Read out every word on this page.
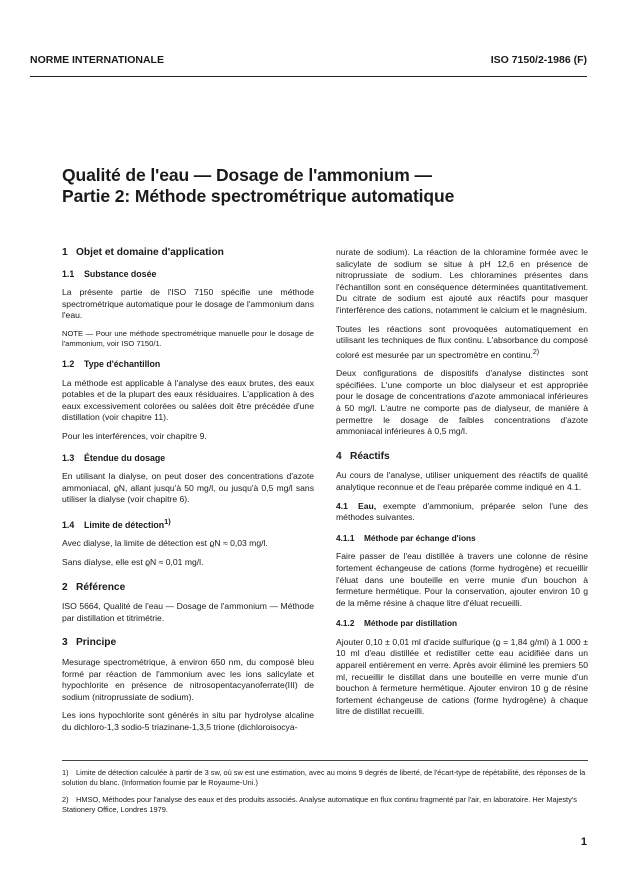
NORME INTERNATIONALE	ISO 7150/2-1986 (F)
Qualité de l'eau — Dosage de l'ammonium —
Partie 2: Méthode spectrométrique automatique
1 Objet et domaine d'application
1.1 Substance dosée

La présente partie de l'ISO 7150 spécifie une méthode spectrométrique automatique pour le dosage de l'ammonium dans l'eau.

NOTE — Pour une méthode spectrométrique manuelle pour le dosage de l'ammonium, voir ISO 7150/1.

1.2 Type d'échantillon

La méthode est applicable à l'analyse des eaux brutes, des eaux potables et de la plupart des eaux résiduaires. L'application à des eaux excessivement colorées ou salées doit être précédée d'une distillation (voir chapitre 11).

Pour les interférences, voir chapitre 9.

1.3 Étendue du dosage

En utilisant la dialyse, on peut doser des concentrations d'azote ammoniacal, ϱN, allant jusqu'à 50 mg/l, ou jusqu'à 0,5 mg/l sans utiliser la dialyse (voir chapitre 6).

1.4 Limite de détection$^{1)}$

Avec dialyse, la limite de détection est ϱN ≈ 0,03 mg/l.

Sans dialyse, elle est ϱN ≈ 0,01 mg/l.

2 Référence

ISO 5664, Qualité de l'eau — Dosage de l'ammonium — Méthode par distillation et titrimétrie.

3 Principe

Mesurage spectrométrique, à environ 650 nm, du composé bleu formé par réaction de l'ammonium avec les ions salicylate et hypochlorite en présence de nitrosopentacyanoferrate(III) de sodium (nitroprussiate de sodium).

Les ions hypochlorite sont générés in situ par hydrolyse alcaline du dichloro-1,3 sodio-5 triazinane-1,3,5 trione (dichloroisocya-

nurate de sodium). La réaction de la chloramine formée avec le salicylate de sodium se situe à pH 12,6 en présence de nitroprussiate de sodium. Les chloramines présentes dans l'échantillon sont en conséquence déterminées quantitativement. Du citrate de sodium est ajouté aux réactifs pour masquer l'interférence des cations, notamment le calcium et le magnésium.

Toutes les réactions sont provoquées automatiquement en utilisant les techniques de flux continu. L'absorbance du composé coloré est mesurée par un spectromètre en continu.$^{2)}$

Deux configurations de dispositifs d'analyse distinctes sont spécifiées. L'une comporte un bloc dialyseur et est appropriée pour le dosage de concentrations d'azote ammoniacal inférieures à 50 mg/l. L'autre ne comporte pas de dialyseur, de manière à permettre le dosage de faibles concentrations d'azote ammoniacal inférieures à 0,5 mg/l.

4 Réactifs

Au cours de l'analyse, utiliser uniquement des réactifs de qualité analytique reconnue et de l'eau préparée comme indiqué en 4.1.

4.1 Eau, exempte d'ammonium, préparée selon l'une des méthodes suivantes.

4.1.1 Méthode par échange d'ions

Faire passer de l'eau distillée à travers une colonne de résine fortement échangeuse de cations (forme hydrogène) et recueillir l'éluat dans une bouteille en verre munie d'un bouchon à fermeture hermétique. Pour la conservation, ajouter environ 10 g de la même résine à chaque litre d'éluat recueilli.

4.1.2 Méthode par distillation

Ajouter 0,10 ± 0,01 ml d'acide sulfurique (ϱ = 1,84 g/ml) à 1 000 ± 10 ml d'eau distillée et redistiller cette eau acidifiée dans un appareil entièrement en verre. Après avoir éliminé les premiers 50 ml, recueillir le distillat dans une bouteille en verre munie d'un bouchon à fermeture hermétique. Ajouter environ 10 g de résine fortement échangeuse de cations (forme hydrogène) à chaque litre de distillat recueilli.

1) Limite de détection calculée à partir de 3 sw, où sw est une estimation, avec au moins 9 degrés de liberté, de l'écart-type de répétabilité, des réponses de la solution du blanc. (Information fournie par le Royaume-Uni.)
2) HMSO, Méthodes pour l'analyse des eaux et des produits associés. Analyse automatique en flux continu fragmenté par l'air, en laboratoire. Her Majesty's Stationery Office, Londres 1979.
1
